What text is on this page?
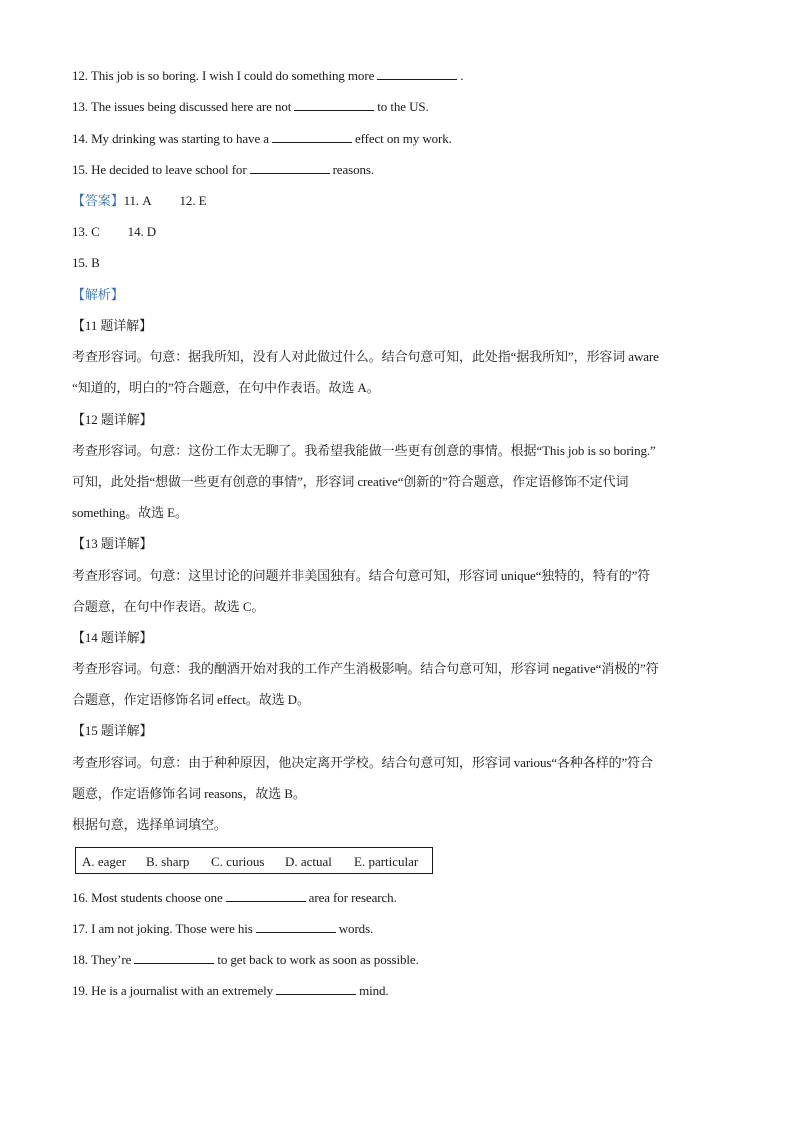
12. This job is so boring. I wish I could do something more	.
13. The issues being discussed here are not	to the US.
14. My drinking was starting to have a	effect on my work.
15. He decided to leave school for	reasons.
【答案】11. A 12. E
13. C 14. D
15. B
【解析】
【11 题详解】
考查形容词。句意：据我所知，没有人对此做过什么。结合句意可知，此处指“据我所知”，形容词 aware
“知道的，明白的”符合题意，在句中作表语。故选 A。
【12 题详解】
考查形容词。句意：这份工作太无聊了。我希望我能做一些更有创意的事情。根据“This job is so boring.”
可知，此处指“想做一些更有创意的事情”，形容词 creative“创新的”符合题意，作定语修饰不定代词
something。故选 E。
【13 题详解】
考查形容词。句意：这里讨论的问题并非美国独有。结合句意可知，形容词 unique“独特的，特有的”符
合题意，在句中作表语。故选 C。
【14 题详解】
考查形容词。句意：我的酗酒开始对我的工作产生消极影响。结合句意可知，形容词 negative“消极的”符
合题意，作定语修饰名词 effect。故选 D。
【15 题详解】
考查形容词。句意：由于种种原因，他决定离开学校。结合句意可知，形容词 various“各种各样的”符合
题意，作定语修饰名词 reasons，故选 B。
根据句意，选择单词填空。
A. eager B. sharp C. curious D. actual E. particular
16. Most students choose one	area for research.
17. I am not joking. Those were his	words.
18. They’re	to get back to work as soon as possible.
19. He is a journalist with an extremely	mind.
